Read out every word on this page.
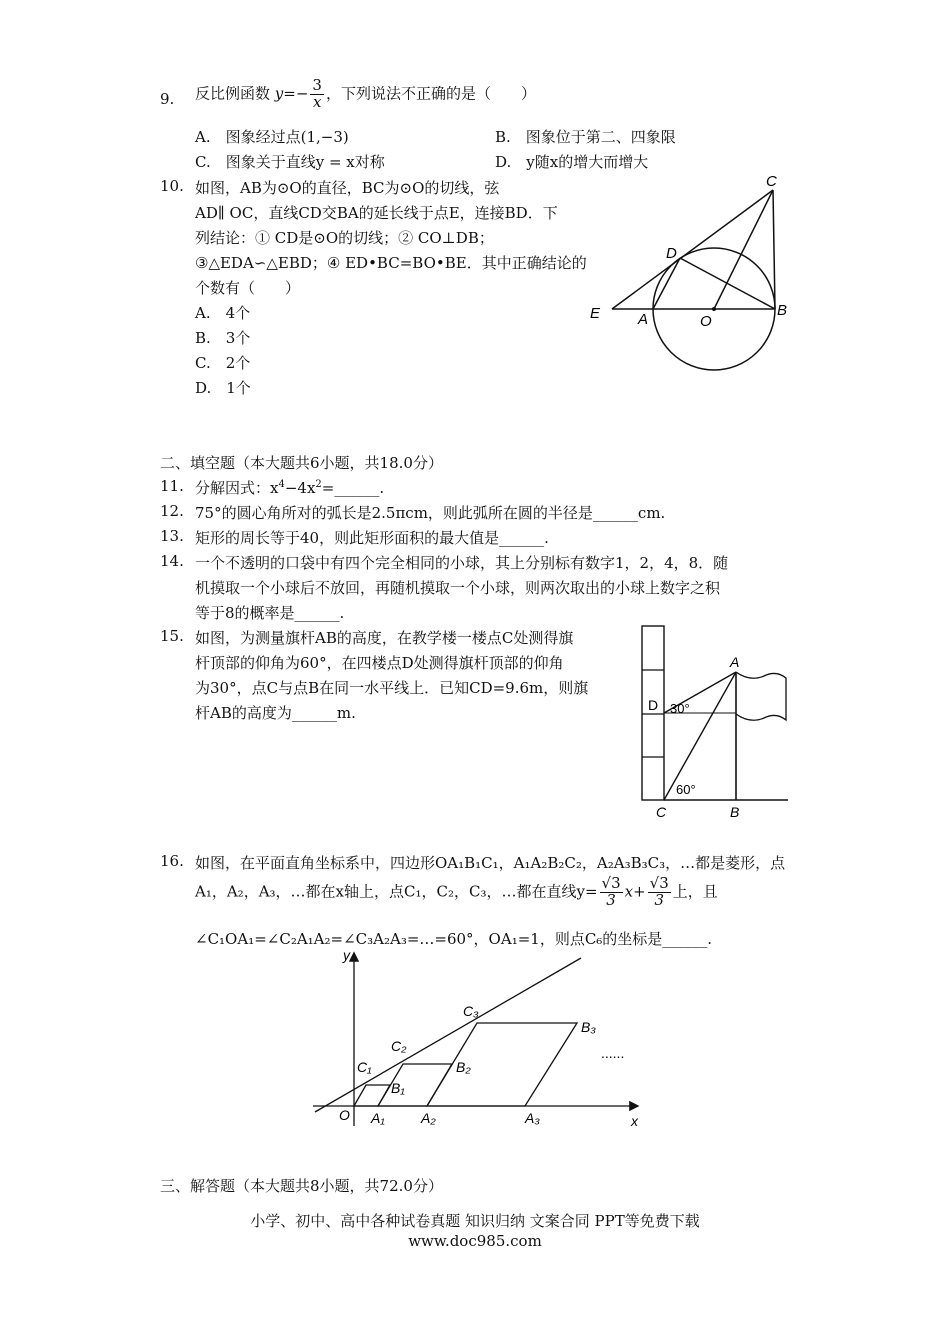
9. 反比例函数 $y=- \frac{3}{x}$ ，下列说法不正确的是（　　）
A.　图象经过点(1,−3)	B.　图象位于第二、四象限
C.　图象关于直线y = x对称	D.　y随x的增大而增大
10. 如图，AB为⊙O的直径，BC为⊙O的切线，弦
AD∥ OC，直线CD交BA的延长线于点E，连接BD．下
列结论：① CD是⊙O的切线；② CO⊥DB；
③△EDA∽△EBD；④ ED•BC=BO•BE．其中正确结论的
个数有（　　）
A.　4个
B.　3个
C.　2个
D.　1个
C
D
E	A	O
B
二、填空题（本大题共6小题，共18.0分）
11. 分解因式：$x^4-4x^2=\_\_\_\_\_\_$.
12. 75°的圆心角所对的弧长是2.5πcm，则此弧所在圆的半径是______cm.
13. 矩形的周长等于40，则此矩形面积的最大值是______.
14. 一个不透明的口袋中有四个完全相同的小球，其上分别标有数字1，2，4，8．随
机摸取一个小球后不放回，再随机摸取一个小球，则两次取出的小球上数字之积
等于8的概率是______.
15. 如图，为测量旗杆AB的高度，在教学楼一楼点C处测得旗
杆顶部的仰角为60°，在四楼点D处测得旗杆顶部的仰角
为30°，点C与点B在同一水平线上．已知CD=9.6m，则旗
杆AB的高度为______m.
A
D 30°
60°
C	B
16. 如图，在平面直角坐标系中，四边形OA₁B₁C₁，A₁A₂B₂C₂，A₂A₃B₃C₃，…都是菱形，点
A₁，A₂，A₃，…都在x轴上，点C₁，C₂，C₃，…都在直线$y= \frac{√3}{3} x+ \frac{√3}{3}$ 上，且
∠C₁OA₁=∠C₂A₁A₂=∠C₃A₂A₃=…=60°，OA₁=1，则点C₆的坐标是______.
y
x
O A₁	A₂	A₃
B₁
B₂
B₃
C₁
C₂
C₃
......
三、解答题（本大题共8小题，共72.0分）
小学、初中、高中各种试卷真题 知识归纳 文案合同 PPT等免费下载
www.doc985.com
